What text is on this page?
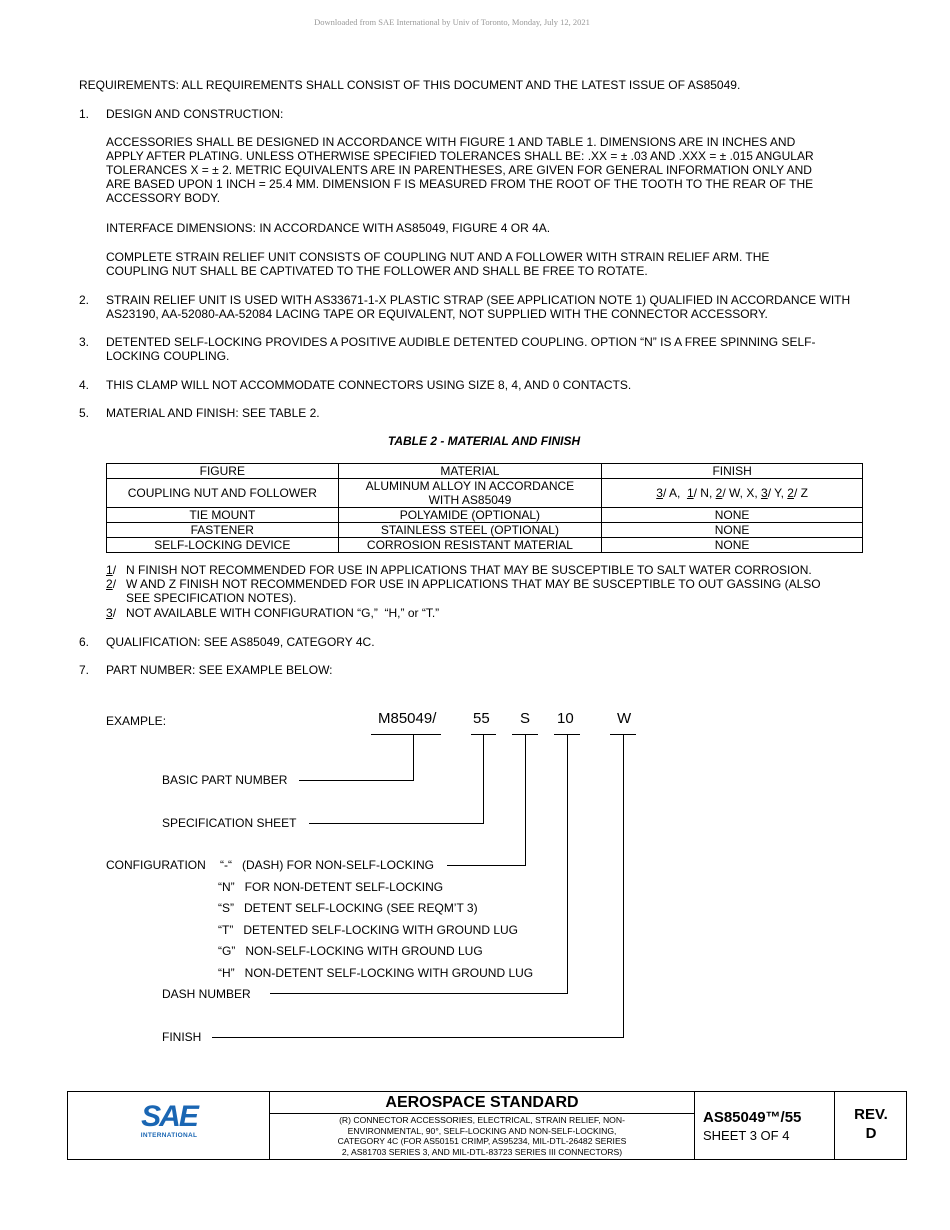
Downloaded from SAE International by Univ of Toronto, Monday, July 12, 2021
REQUIREMENTS: ALL REQUIREMENTS SHALL CONSIST OF THIS DOCUMENT AND THE LATEST ISSUE OF AS85049.
1. DESIGN AND CONSTRUCTION:
ACCESSORIES SHALL BE DESIGNED IN ACCORDANCE WITH FIGURE 1 AND TABLE 1. DIMENSIONS ARE IN INCHES AND
APPLY AFTER PLATING. UNLESS OTHERWISE SPECIFIED TOLERANCES SHALL BE: .XX = ± .03 AND .XXX = ± .015 ANGULAR
TOLERANCES X = ± 2. METRIC EQUIVALENTS ARE IN PARENTHESES, ARE GIVEN FOR GENERAL INFORMATION ONLY AND
ARE BASED UPON 1 INCH = 25.4 MM. DIMENSION F IS MEASURED FROM THE ROOT OF THE TOOTH TO THE REAR OF THE
ACCESSORY BODY.
INTERFACE DIMENSIONS: IN ACCORDANCE WITH AS85049, FIGURE 4 OR 4A.
COMPLETE STRAIN RELIEF UNIT CONSISTS OF COUPLING NUT AND A FOLLOWER WITH STRAIN RELIEF ARM. THE
COUPLING NUT SHALL BE CAPTIVATED TO THE FOLLOWER AND SHALL BE FREE TO ROTATE.
2. STRAIN RELIEF UNIT IS USED WITH AS33671-1-X PLASTIC STRAP (SEE APPLICATION NOTE 1) QUALIFIED IN ACCORDANCE WITH
AS23190, AA-52080-AA-52084 LACING TAPE OR EQUIVALENT, NOT SUPPLIED WITH THE CONNECTOR ACCESSORY.
3. DETENTED SELF-LOCKING PROVIDES A POSITIVE AUDIBLE DETENTED COUPLING. OPTION “N” IS A FREE SPINNING SELF-
LOCKING COUPLING.
4. THIS CLAMP WILL NOT ACCOMMODATE CONNECTORS USING SIZE 8, 4, AND 0 CONTACTS.
5. MATERIAL AND FINISH: SEE TABLE 2.
TABLE 2 - MATERIAL AND FINISH
FIGURE	MATERIAL	FINISH
COUPLING NUT AND FOLLOWER	ALUMINUM ALLOY IN ACCORDANCE
WITH AS85049	3/ A,  1/ N, 2/ W, X, 3/ Y, 2/ Z
TIE MOUNT	POLYAMIDE (OPTIONAL)	NONE
FASTENER	STAINLESS STEEL (OPTIONAL)	NONE
SELF-LOCKING DEVICE	CORROSION RESISTANT MATERIAL	NONE
1/   N FINISH NOT RECOMMENDED FOR USE IN APPLICATIONS THAT MAY BE SUSCEPTIBLE TO SALT WATER CORROSION.
2/   W AND Z FINISH NOT RECOMMENDED FOR USE IN APPLICATIONS THAT MAY BE SUSCEPTIBLE TO OUT GASSING (ALSO
SEE SPECIFICATION NOTES).
3/   NOT AVAILABLE WITH CONFIGURATION “G,”  “H,” or “T.”
6. QUALIFICATION: SEE AS85049, CATEGORY 4C.
7. PART NUMBER: SEE EXAMPLE BELOW:
EXAMPLE:	M85049/ 55 S 10	W
BASIC PART NUMBER
SPECIFICATION SHEET
CONFIGURATION “-“   (DASH) FOR NON-SELF-LOCKING
“N”   FOR NON-DETENT SELF-LOCKING
“S”   DETENT SELF-LOCKING (SEE REQM’T 3)
“T”   DETENTED SELF-LOCKING WITH GROUND LUG
“G”   NON-SELF-LOCKING WITH GROUND LUG
“H”   NON-DETENT SELF-LOCKING WITH GROUND LUG
DASH NUMBER
FINISH
SAE
INTERNATIONAL
AEROSPACE STANDARD
(R) CONNECTOR ACCESSORIES, ELECTRICAL, STRAIN RELIEF, NON-
ENVIRONMENTAL, 90°, SELF-LOCKING AND NON-SELF-LOCKING,
CATEGORY 4C (FOR AS50151 CRIMP, AS95234, MIL-DTL-26482 SERIES
2, AS81703 SERIES 3, AND MIL-DTL-83723 SERIES III CONNECTORS)
AS85049™/55
SHEET 3 OF 4
REV.
D
